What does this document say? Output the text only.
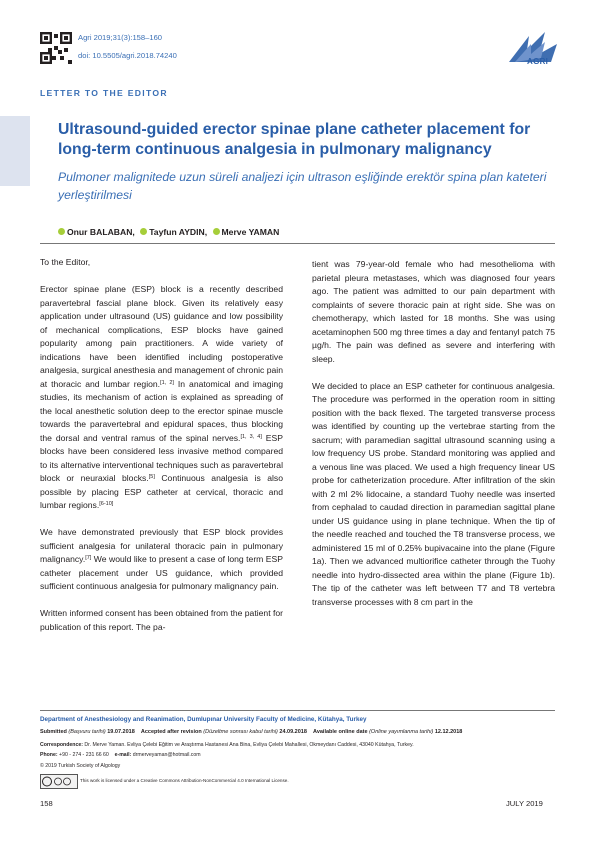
Agri 2019;31(3):158–160
doi: 10.5505/agri.2018.74240
AGRI
LETTER TO THE EDITOR
Ultrasound-guided erector spinae plane catheter placement for long-term continuous analgesia in pulmonary malignancy
Pulmoner malignitede uzun süreli analjezi için ultrason eşliğinde erektör spina plan kateteri yerleştirilmesi
Onur BALABAN, Tayfun AYDIN, Merve YAMAN

To the Editor,

Erector spinae plane (ESP) block is a recently described paravertebral fascial plane block. Given its relatively easy application under ultrasound (US) guidance and low possibility of mechanical complications, ESP blocks have gained popularity among pain practitioners. A wide variety of indications have been identified including postoperative analgesia, surgical anesthesia and management of chronic pain at thoracic and lumbar region.[1, 2] In anatomical and imaging studies, its mechanism of action is explained as spreading of the local anesthetic solution deep to the erector spinae muscle towards the paravertebral and epidural spaces, thus blocking the dorsal and ventral ramus of the spinal nerves.[1, 3, 4] ESP blocks have been considered less invasive method compared to its alternative interventional techniques such as paravertebral block or neuraxial blocks.[5] Continuous analgesia is also possible by placing ESP catheter at cervical, thoracic and lumbar regions.[6-10]

We have demonstrated previously that ESP block provides sufficient analgesia for unilateral thoracic pain in pulmonary malignancy.[7] We would like to present a case of long term ESP catheter placement under US guidance, which provided sufficient continuous analgesia for pulmonary malignancy pain.

Written informed consent has been obtained from the patient for publication of this report. The pa-

tient was 79-year-old female who had mesothelioma with parietal pleura metastases, which was diagnosed four years ago. The patient was admitted to our pain department with complaints of severe thoracic pain at right side. She was on chemotherapy, which lasted for 18 months. She was using acetaminophen 500 mg three times a day and fentanyl patch 75 µg/h. The pain was defined as severe and interfering with sleep.

We decided to place an ESP catheter for continuous analgesia. The procedure was performed in the operation room in sitting position with the back flexed. The targeted transverse process was identified by counting up the vertebrae starting from the sacrum; with paramedian sagittal ultrasound scanning using a low frequency US probe. Standard monitoring was applied and a venous line was placed. We used a high frequency linear US probe for catheterization procedure. After infiltration of the skin with 2 ml 2% lidocaine, a standard Tuohy needle was inserted from cephalad to caudad direction in paramedian sagittal plane under US guidance using in plane technique. When the tip of the needle reached and touched the T8 transverse process, we administered 15 ml of 0.25% bupivacaine into the plane (Figure 1a). Then we advanced multiorifice catheter through the Tuohy needle into hydro-dissected area within the plane (Figure 1b). The tip of the catheter was left between T7 and T8 vertebra transverse processes with 8 cm part in the

Department of Anesthesiology and Reanimation, Dumlupınar University Faculty of Medicine, Kütahya, Turkey
Submitted (Başvuru tarihi) 19.07.2018 Accepted after revision (Düzeltme sonrası kabul tarihi) 24.09.2018 Available online date (Online yayımlanma tarihi) 12.12.2018
Correspondence: Dr. Merve Yaman. Evliya Çelebi Eğitim ve Araştırma Hastanesi Ana Bina, Evliya Çelebi Mahallesi, Okmeydanı Caddesi, 43040 Kütahya, Turkey.
Phone: +90 - 274 - 231 66 60 e-mail: drmerveyaman@hotmail.com
© 2019 Turkish Society of Algology
This work is licensed under a Creative Commons Attribution-NonCommercial 4.0 International License.
158	JULY 2019
